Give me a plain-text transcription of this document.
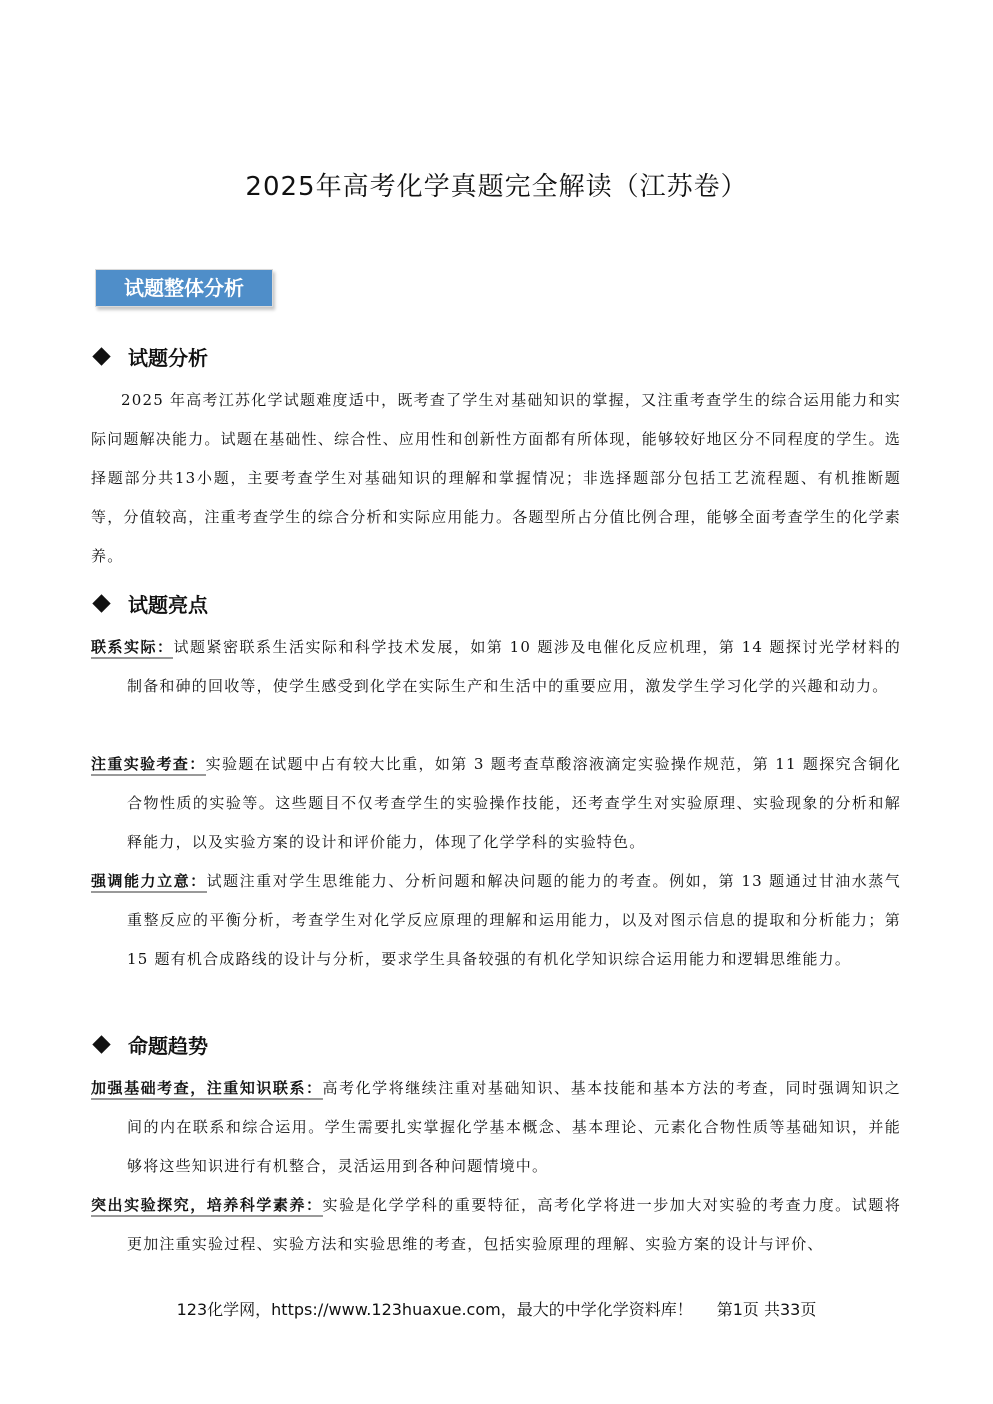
2025年高考化学真题完全解读（江苏卷）
试题整体分析
试题分析
2025 年高考江苏化学试题难度适中，既考查了学生对基础知识的掌握，又注重考查学生的综合运用能力和实际问题解决能力。试题在基础性、综合性、应用性和创新性方面都有所体现，能够较好地区分不同程度的学生。选择题部分共13小题，主要考查学生对基础知识的理解和掌握情况；非选择题部分包括工艺流程题、有机推断题等，分值较高，注重考查学生的综合分析和实际应用能力。各题型所占分值比例合理，能够全面考查学生的化学素养。
试题亮点
联系实际：试题紧密联系生活实际和科学技术发展，如第 10 题涉及电催化反应机理，第 14 题探讨光学材料的制备和砷的回收等，使学生感受到化学在实际生产和生活中的重要应用，激发学生学习化学的兴趣和动力。
注重实验考查：实验题在试题中占有较大比重，如第 3 题考查草酸溶液滴定实验操作规范，第 11 题探究含铜化合物性质的实验等。这些题目不仅考查学生的实验操作技能，还考查学生对实验原理、实验现象的分析和解释能力，以及实验方案的设计和评价能力，体现了化学学科的实验特色。
强调能力立意：试题注重对学生思维能力、分析问题和解决问题的能力的考查。例如，第 13 题通过甘油水蒸气重整反应的平衡分析，考查学生对化学反应原理的理解和运用能力，以及对图示信息的提取和分析能力；第 15 题有机合成路线的设计与分析，要求学生具备较强的有机化学知识综合运用能力和逻辑思维能力。
命题趋势
加强基础考查，注重知识联系：高考化学将继续注重对基础知识、基本技能和基本方法的考查，同时强调知识之间的内在联系和综合运用。学生需要扎实掌握化学基本概念、基本理论、元素化合物性质等基础知识，并能够将这些知识进行有机整合，灵活运用到各种问题情境中。
突出实验探究，培养科学素养：实验是化学学科的重要特征，高考化学将进一步加大对实验的考查力度。试题将更加注重实验过程、实验方法和实验思维的考查，包括实验原理的理解、实验方案的设计与评价、
123化学网，https://www.123huaxue.com，最大的中学化学资料库！ 第1页 共33页
